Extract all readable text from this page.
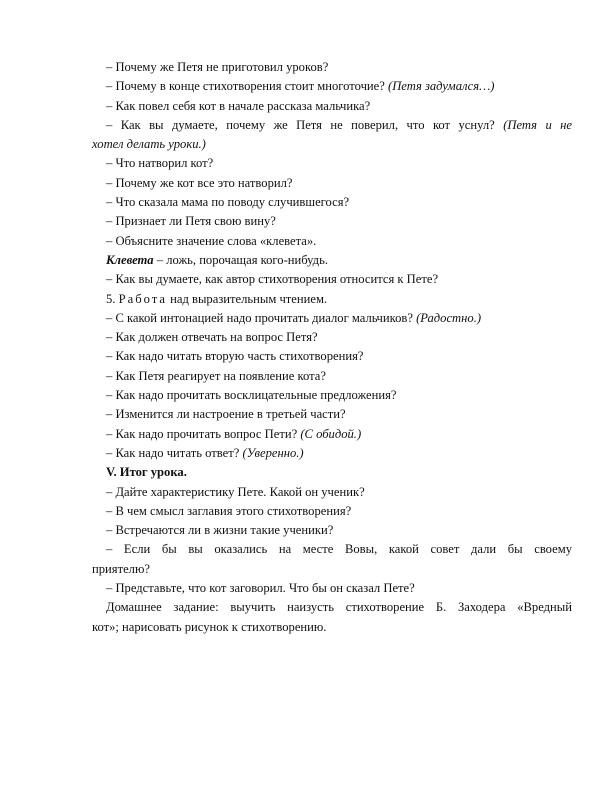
– Почему же Петя не приготовил уроков?
– Почему в конце стихотворения стоит многоточие? (Петя задумался…)
– Как повел себя кот в начале рассказа мальчика?
– Как вы думаете, почему же Петя не поверил, что кот уснул? (Петя и не
хотел делать уроки.)
– Что натворил кот?
– Почему же кот все это натворил?
– Что сказала мама по поводу случившегося?
– Признает ли Петя свою вину?
– Объясните значение слова «клевета».
Клевета – ложь, порочащая кого-нибудь.
– Как вы думаете, как автор стихотворения относится к Пете?
5. Работа над выразительным чтением.
– С какой интонацией надо прочитать диалог мальчиков? (Радостно.)
– Как должен отвечать на вопрос Петя?
– Как надо читать вторую часть стихотворения?
– Как Петя реагирует на появление кота?
– Как надо прочитать восклицательные предложения?
– Изменится ли настроение в третьей части?
– Как надо прочитать вопрос Пети? (С обидой.)
– Как надо читать ответ? (Уверенно.)
V. Итог урока.
– Дайте характеристику Пете. Какой он ученик?
– В чем смысл заглавия этого стихотворения?
– Встречаются ли в жизни такие ученики?
– Если бы вы оказались на месте Вовы, какой совет дали бы своему
приятелю?
– Представьте, что кот заговорил. Что бы он сказал Пете?
Домашнее задание: выучить наизусть стихотворение Б. Заходера «Вредный
кот»; нарисовать рисунок к стихотворению.
